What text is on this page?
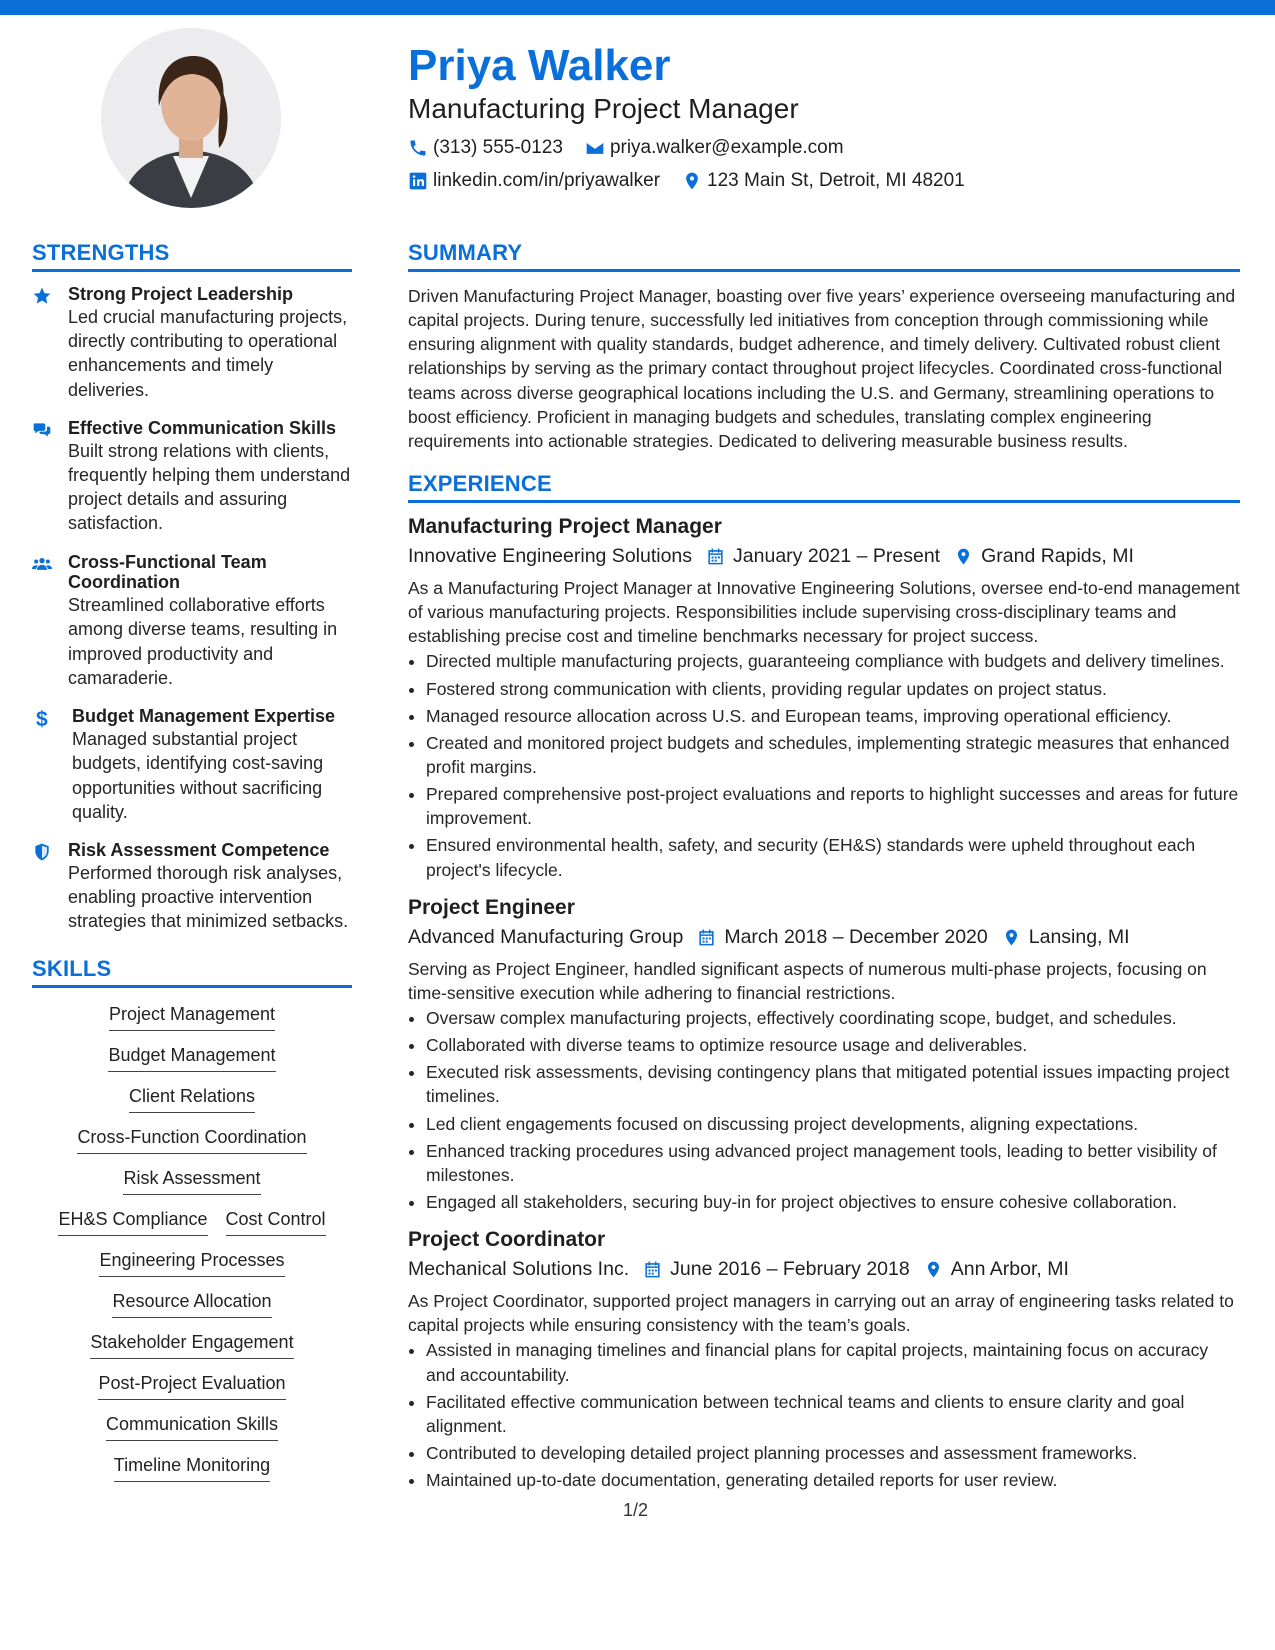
Priya Walker
Manufacturing Project Manager
(313) 555-0123 priya.walker@example.com
linkedin.com/in/priyawalker 123 Main St, Detroit, MI 48201
STRENGTHS
Strong Project Leadership
Led crucial manufacturing projects, directly contributing to operational enhancements and timely deliveries.
Effective Communication Skills
Built strong relations with clients, frequently helping them understand project details and assuring satisfaction.
Cross-Functional Team Coordination
Streamlined collaborative efforts among diverse teams, resulting in improved productivity and camaraderie.
$	Budget Management Expertise
Managed substantial project budgets, identifying cost-saving opportunities without sacrificing quality.
Risk Assessment Competence
Performed thorough risk analyses, enabling proactive intervention strategies that minimized setbacks.
SKILLS
Project Management
Budget Management
Client Relations
Cross-Function Coordination
Risk Assessment
EH&S Compliance Cost Control
Engineering Processes
Resource Allocation
Stakeholder Engagement
Post-Project Evaluation
Communication Skills
Timeline Monitoring
SUMMARY

Driven Manufacturing Project Manager, boasting over five years’ experience overseeing manufacturing and capital projects. During tenure, successfully led initiatives from conception through commissioning while ensuring alignment with quality standards, budget adherence, and timely delivery. Cultivated robust client relationships by serving as the primary contact throughout project lifecycles. Coordinated cross-functional teams across diverse geographical locations including the U.S. and Germany, streamlining operations to boost efficiency. Proficient in managing budgets and schedules, translating complex engineering requirements into actionable strategies. Dedicated to delivering measurable business results.

EXPERIENCE
Manufacturing Project Manager
Innovative Engineering Solutions January 2021 – Present Grand Rapids, MI

As a Manufacturing Project Manager at Innovative Engineering Solutions, oversee end-to-end management of various manufacturing projects. Responsibilities include supervising cross-disciplinary teams and establishing precise cost and timeline benchmarks necessary for project success.

• Directed multiple manufacturing projects, guaranteeing compliance with budgets and delivery timelines.
• Fostered strong communication with clients, providing regular updates on project status.
• Managed resource allocation across U.S. and European teams, improving operational efficiency.
• Created and monitored project budgets and schedules, implementing strategic measures that enhanced profit margins.
• Prepared comprehensive post-project evaluations and reports to highlight successes and areas for future improvement.
• Ensured environmental health, safety, and security (EH&S) standards were upheld throughout each project's lifecycle.
Project Engineer
Advanced Manufacturing Group March 2018 – December 2020 Lansing, MI

Serving as Project Engineer, handled significant aspects of numerous multi-phase projects, focusing on time-sensitive execution while adhering to financial restrictions.

• Oversaw complex manufacturing projects, effectively coordinating scope, budget, and schedules.
• Collaborated with diverse teams to optimize resource usage and deliverables.
• Executed risk assessments, devising contingency plans that mitigated potential issues impacting project timelines.
• Led client engagements focused on discussing project developments, aligning expectations.
• Enhanced tracking procedures using advanced project management tools, leading to better visibility of milestones.
• Engaged all stakeholders, securing buy-in for project objectives to ensure cohesive collaboration.
Project Coordinator
Mechanical Solutions Inc. June 2016 – February 2018 Ann Arbor, MI

As Project Coordinator, supported project managers in carrying out an array of engineering tasks related to capital projects while ensuring consistency with the team’s goals.

• Assisted in managing timelines and financial plans for capital projects, maintaining focus on accuracy and accountability.
• Facilitated effective communication between technical teams and clients to ensure clarity and goal alignment.
• Contributed to developing detailed project planning processes and assessment frameworks.
• Maintained up-to-date documentation, generating detailed reports for user review.
1/2
